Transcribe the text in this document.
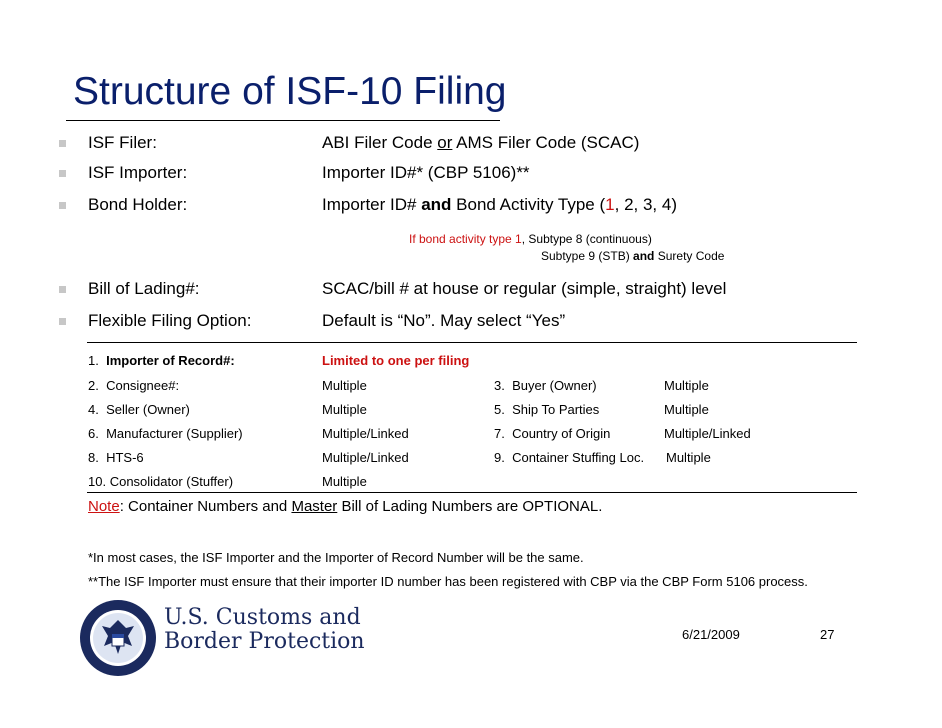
Structure of ISF-10 Filing
ISF Filer:	ABI Filer Code or AMS Filer Code (SCAC)
ISF Importer:	Importer ID#* (CBP 5106)**
Bond Holder:	Importer ID# and Bond Activity Type (1, 2, 3, 4)
If bond activity type 1, Subtype 8 (continuous)
Subtype 9 (STB) and Surety Code
Bill of Lading#:	SCAC/bill # at house or regular (simple, straight) level
Flexible Filing Option:	Default is “No”. May select “Yes”
1. Importer of Record#:	Limited to one per filing
2. Consignee#:	Multiple	3. Buyer (Owner)	Multiple
4. Seller (Owner)	Multiple	5. Ship To Parties	Multiple
6. Manufacturer (Supplier)	Multiple/Linked	7. Country of Origin	Multiple/Linked
8. HTS-6	Multiple/Linked	9. Container Stuffing Loc. Multiple
10. Consolidator (Stuffer)	Multiple
Note: Container Numbers and Master Bill of Lading Numbers are OPTIONAL.
*In most cases, the ISF Importer and the Importer of Record Number will be the same.
**The ISF Importer must ensure that their importer ID number has been registered with CBP via the CBP Form 5106 process.
U.S. Customs and
Border Protection	6/21/2009	27
